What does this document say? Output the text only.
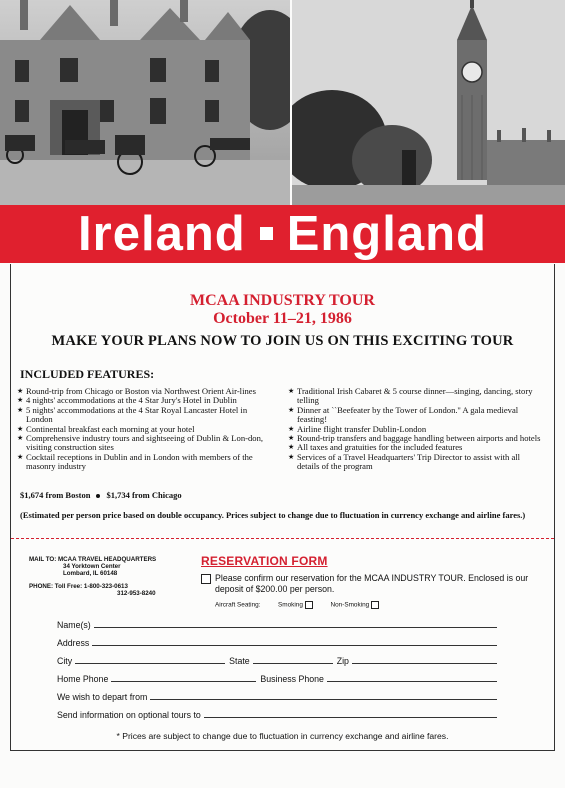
Ireland England
MCAA INDUSTRY TOUR
October 11–21, 1986
MAKE YOUR PLANS NOW TO JOIN US ON THIS EXCITING TOUR
INCLUDED FEATURES:
★ Round-trip from Chicago or Boston via Northwest Orient Air-lines
★ 4 nights' accommodations at the 4 Star Jury's Hotel in Dublin
★ 5 nights' accommodations at the 4 Star Royal Lancaster Hotel in London
★ Continental breakfast each morning at your hotel
★ Comprehensive industry tours and sightseeing of Dublin & Lon-don, visiting construction sites
★ Cocktail receptions in Dublin and in London with members of the masonry industry
★ Traditional Irish Cabaret & 5 course dinner—singing, dancing, story telling
★ Dinner at ``Beefeater by the Tower of London.'' A gala medieval feasting!
★ Airline flight transfer Dublin-London
★ Round-trip transfers and baggage handling between airports and hotels
★ All taxes and gratuities for the included features
★ Services of a Travel Headquarters' Trip Director to assist with all details of the program
$1,674 from Boston $1,734 from Chicago
(Estimated per person price based on double occupancy. Prices subject to change due to fluctuation in currency exchange and airline fares.)
MAIL TO: MCAA TRAVEL HEADQUARTERS
34 Yorktown Center
Lombard, IL 60148
PHONE: Toll Free: 1-800-323-0613
312-953-8240
RESERVATION FORM
Please confirm our reservation for the MCAA INDUSTRY TOUR. Enclosed is our deposit of $200.00 per person.
Aircraft Seating:	Smoking	Non-Smoking
Name(s)
Address
City	State	Zip
Home Phone	Business Phone
We wish to depart from
Send information on optional tours to
* Prices are subject to change due to fluctuation in currency exchange and airline fares.
